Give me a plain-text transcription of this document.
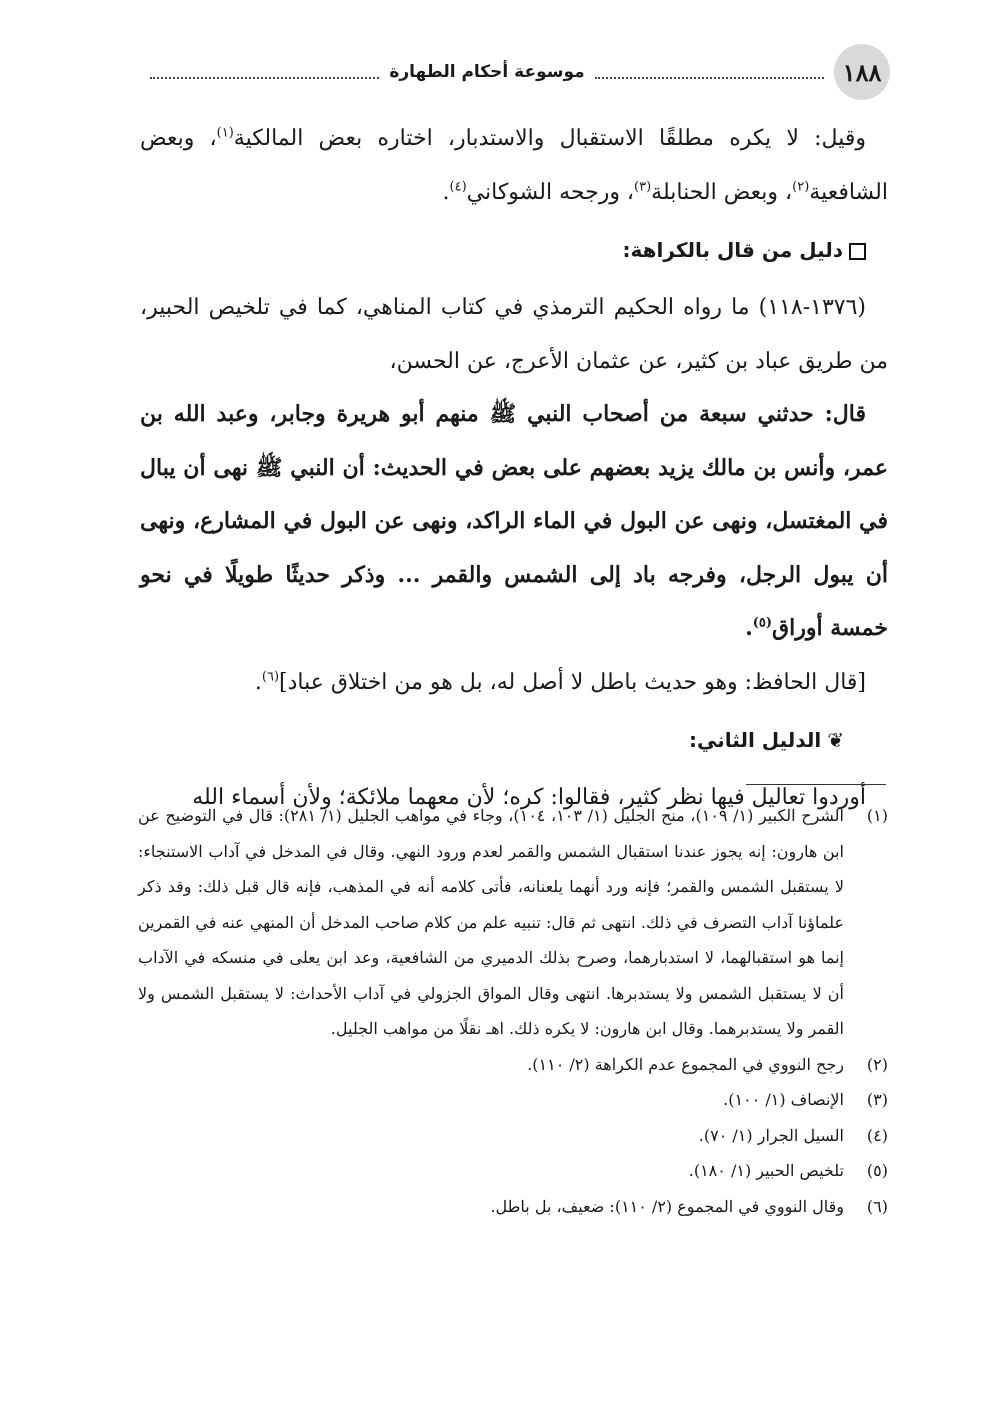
١٨٨
موسوعة أحكام الطهارة

وقيل: لا يكره مطلقًا الاستقبال والاستدبار، اختاره بعض المالكية$^{(١)}$، وبعض الشافعية$^{(٢)}$، وبعض الحنابلة$^{(٣)}$، ورجحه الشوكاني$^{(٤)}$.

دليل من قال بالكراهة:

(١٣٧٦-١١٨) ما رواه الحكيم الترمذي في كتاب المناهي، كما في تلخيص الحبير، من طريق عباد بن كثير، عن عثمان الأعرج، عن الحسن،

قال: حدثني سبعة من أصحاب النبي ﷺ منهم أبو هريرة وجابر، وعبد الله بن عمر، وأنس بن مالك يزيد بعضهم على بعض في الحديث: أن النبي ﷺ نهى أن يبال في المغتسل، ونهى عن البول في الماء الراكد، ونهى عن البول في المشارع، ونهى أن يبول الرجل، وفرجه باد إلى الشمس والقمر ... وذكر حديثًا طويلًا في نحو خمسة أوراق$^{(٥)}$.

[قال الحافظ: وهو حديث باطل لا أصل له، بل هو من اختلاق عباد]$^{(٦)}$.

❦الدليل الثاني:

أوردوا تعاليل فيها نظر كثير، فقالوا: كره؛ لأن معهما ملائكة؛ ولأن أسماء الله

(١)
الشرح الكبير (١/ ١٠٩)، منح الجليل (١/ ١٠٣، ١٠٤)، وجاء في مواهب الجليل (١/ ٢٨١): قال في التوضيح عن ابن هارون: إنه يجوز عندنا استقبال الشمس والقمر لعدم ورود النهي. وقال في المدخل في آداب الاستنجاء: لا يستقبل الشمس والقمر؛ فإنه ورد أنهما يلعنانه، فأتى كلامه أنه في المذهب، فإنه قال قبل ذلك: وقد ذكر علماؤنا آداب التصرف في ذلك. انتهى ثم قال: تنبيه علم من كلام صاحب المدخل أن المنهي عنه في القمرين إنما هو استقبالهما، لا استدبارهما، وصرح بذلك الدميري من الشافعية، وعد ابن يعلى في منسكه في الآداب أن لا يستقبل الشمس ولا يستدبرها. انتهى وقال المواق الجزولي في آداب الأحداث: لا يستقبل الشمس ولا القمر ولا يستدبرهما. وقال ابن هارون: لا يكره ذلك. اهـ نقلًا من مواهب الجليل.
(٢)
رجح النووي في المجموع عدم الكراهة (٢/ ١١٠).
(٣)
الإنصاف (١/ ١٠٠).
(٤)
السيل الجرار (١/ ٧٠).
(٥)
تلخيص الحبير (١/ ١٨٠).
(٦)
وقال النووي في المجموع (٢/ ١١٠): ضعيف، بل باطل.
